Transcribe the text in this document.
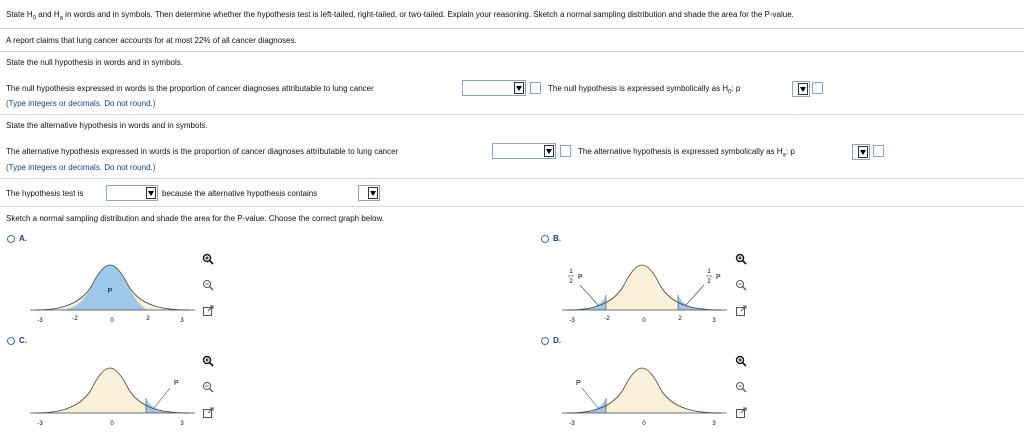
State $H_0$ and $H_a$ in words and in symbols. Then determine whether the hypothesis test is left-tailed, right-tailed, or two-tailed. Explain your reasoning. Sketch a normal sampling distribution and shade the area for the P-value.
A report claims that lung cancer accounts for at most 22% of all cancer diagnoses.
State the null hypothesis in words and in symbols.
The null hypothesis expressed in words is the proportion of cancer diagnoses attributable to lung cancer	The null hypothesis is expressed symbolically as $H_0$: p
(Type integers or decimals. Do not round.)
State the alternative hypothesis in words and in symbols.
The alternative hypothesis expressed in words is the proportion of cancer diagnoses attributable to lung cancer	The alternative hypothesis is expressed symbolically as $H_a$: p
(Type integers or decimals. Do not round.)
The hypothesis test is	because the alternative hypothesis contains
Sketch a normal sampling distribution and shade the area for the P-value. Choose the correct graph below.
A.
P
-3	-2	0	2	3
B.
1
2
P
1
2
P
-3	-2	0	2	3
C.
P
-3	0	3
D.
P
-3	0	3
